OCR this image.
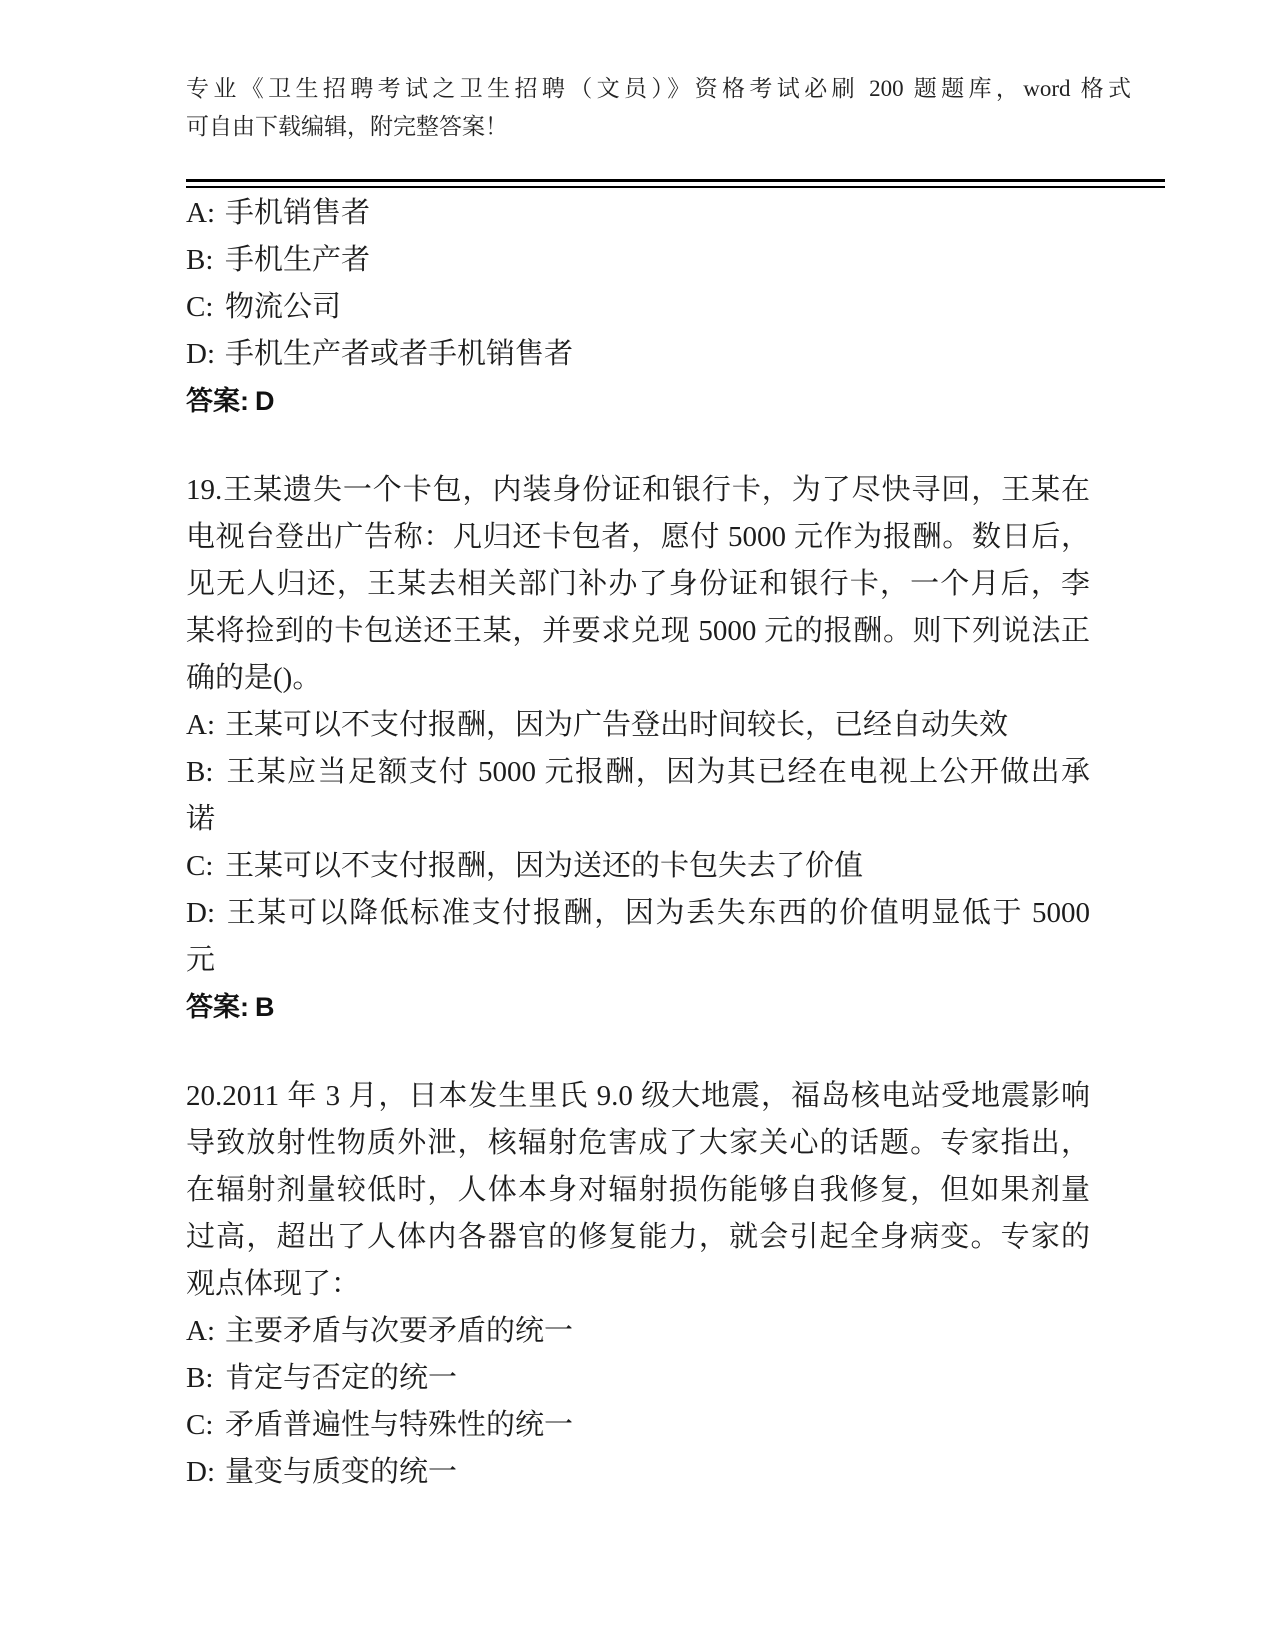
专业《卫生招聘考试之卫生招聘（文员）》资格考试必刷 200 题题库，word 格式
可自由下载编辑，附完整答案！
A: 手机销售者
B: 手机生产者
C: 物流公司
D: 手机生产者或者手机销售者
答案: D
19.王某遗失一个卡包，内装身份证和银行卡，为了尽快寻回，王某在
电视台登出广告称：凡归还卡包者，愿付 5000 元作为报酬。数日后，
见无人归还，王某去相关部门补办了身份证和银行卡，一个月后，李
某将捡到的卡包送还王某，并要求兑现 5000 元的报酬。则下列说法正
确的是()。
A: 王某可以不支付报酬，因为广告登出时间较长，已经自动失效
B: 王某应当足额支付 5000 元报酬，因为其已经在电视上公开做出承
诺
C: 王某可以不支付报酬，因为送还的卡包失去了价值
D: 王某可以降低标准支付报酬，因为丢失东西的价值明显低于 5000
元
答案: B
20.2011 年 3 月，日本发生里氏 9.0 级大地震，福岛核电站受地震影响
导致放射性物质外泄，核辐射危害成了大家关心的话题。专家指出，
在辐射剂量较低时，人体本身对辐射损伤能够自我修复，但如果剂量
过高，超出了人体内各器官的修复能力，就会引起全身病变。专家的
观点体现了：
A: 主要矛盾与次要矛盾的统一
B: 肯定与否定的统一
C: 矛盾普遍性与特殊性的统一
D: 量变与质变的统一
